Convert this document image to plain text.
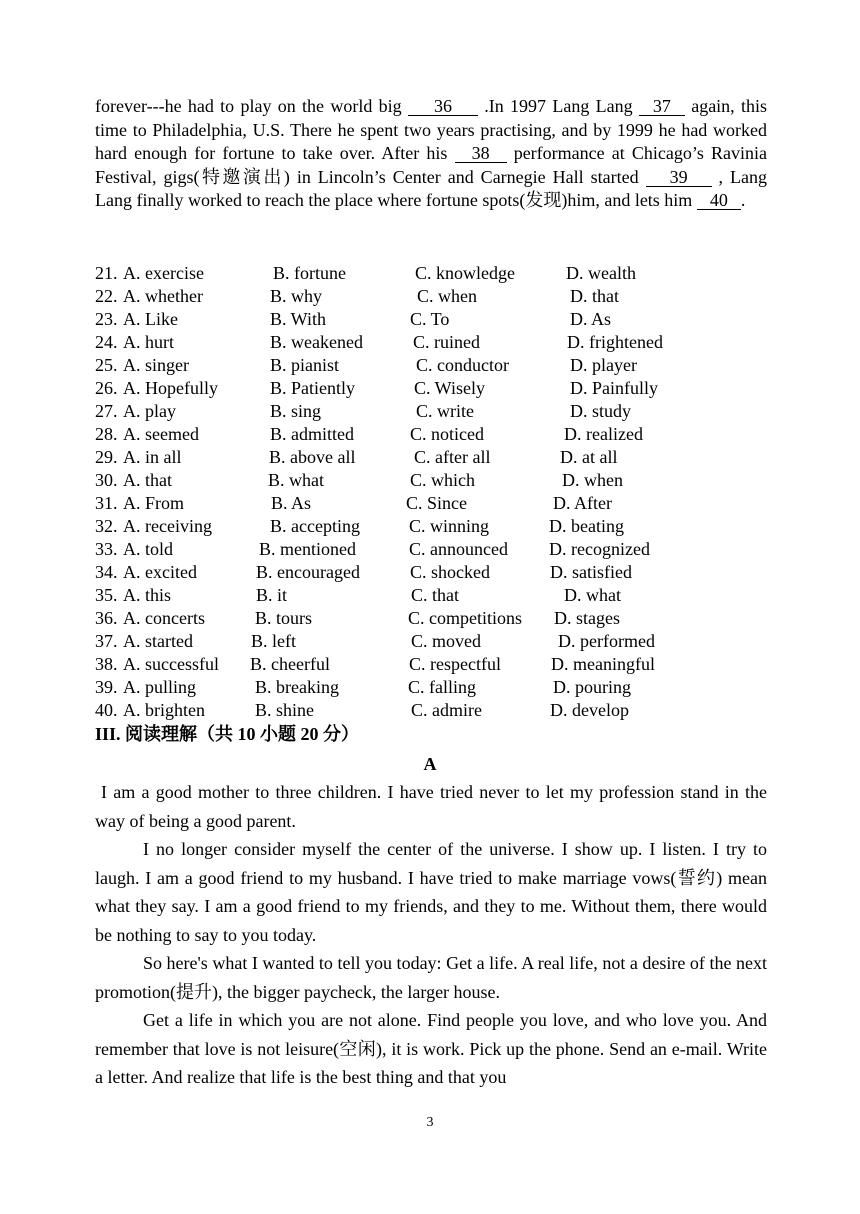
forever---he had to play on the world big 36 .In 1997 Lang Lang 37 again, this time to Philadelphia, U.S. There he spent two years practising, and by 1999 he had worked hard enough for fortune to take over. After his 38 performance at Chicago’s Ravinia Festival, gigs(特邀演出) in Lincoln’s Center and Carnegie Hall started 39 , Lang Lang finally worked to reach the place where fortune spots(发现)him, and lets him 40 .

21. A. exercise	B. fortune	C. knowledge	D. wealth
22. A. whether	B. why	C. when	D. that
23. A. Like	B. With	C. To	D. As
24. A. hurt	B. weakened	C. ruined	D. frightened
25. A. singer	B. pianist	C. conductor	D. player
26. A. Hopefully	B. Patiently	C. Wisely	D. Painfully
27. A. play	B. sing	C. write	D. study
28. A. seemed	B. admitted	C. noticed	D. realized
29. A. in all	B. above all	C. after all	D. at all
30. A. that	B. what	C. which	D. when
31. A. From	B. As	C. Since	D. After
32. A. receiving	B. accepting	C. winning	D. beating
33. A. told	B. mentioned	C. announced D. recognized
34. A. excited	B. encouraged	C. shocked	D. satisfied
35. A. this	B. it	C. that	D. what
36. A. concerts	B. tours	C. competitions D. stages
37. A. started	B. left	C. moved	D. performed
38. A. successful B. cheerful	C. respectful	D. meaningful
39. A. pulling	B. breaking	C. falling	D. pouring
40. A. brighten	B. shine	C. admire	D. develop
III. 阅读理解（共 10 小题 20 分）
A

I am a good mother to three children. I have tried never to let my profession stand in the way of being a good parent.

I no longer consider myself the center of the universe. I show up. I listen. I try to laugh. I am a good friend to my husband. I have tried to make marriage vows(誓约) mean what they say. I am a good friend to my friends, and they to me. Without them, there would be nothing to say to you today.

So here's what I wanted to tell you today: Get a life. A real life, not a desire of the next promotion(提升), the bigger paycheck, the larger house.

Get a life in which you are not alone. Find people you love, and who love you. And remember that love is not leisure(空闲), it is work. Pick up the phone. Send an e-mail. Write a letter. And realize that life is the best thing and that you

3
